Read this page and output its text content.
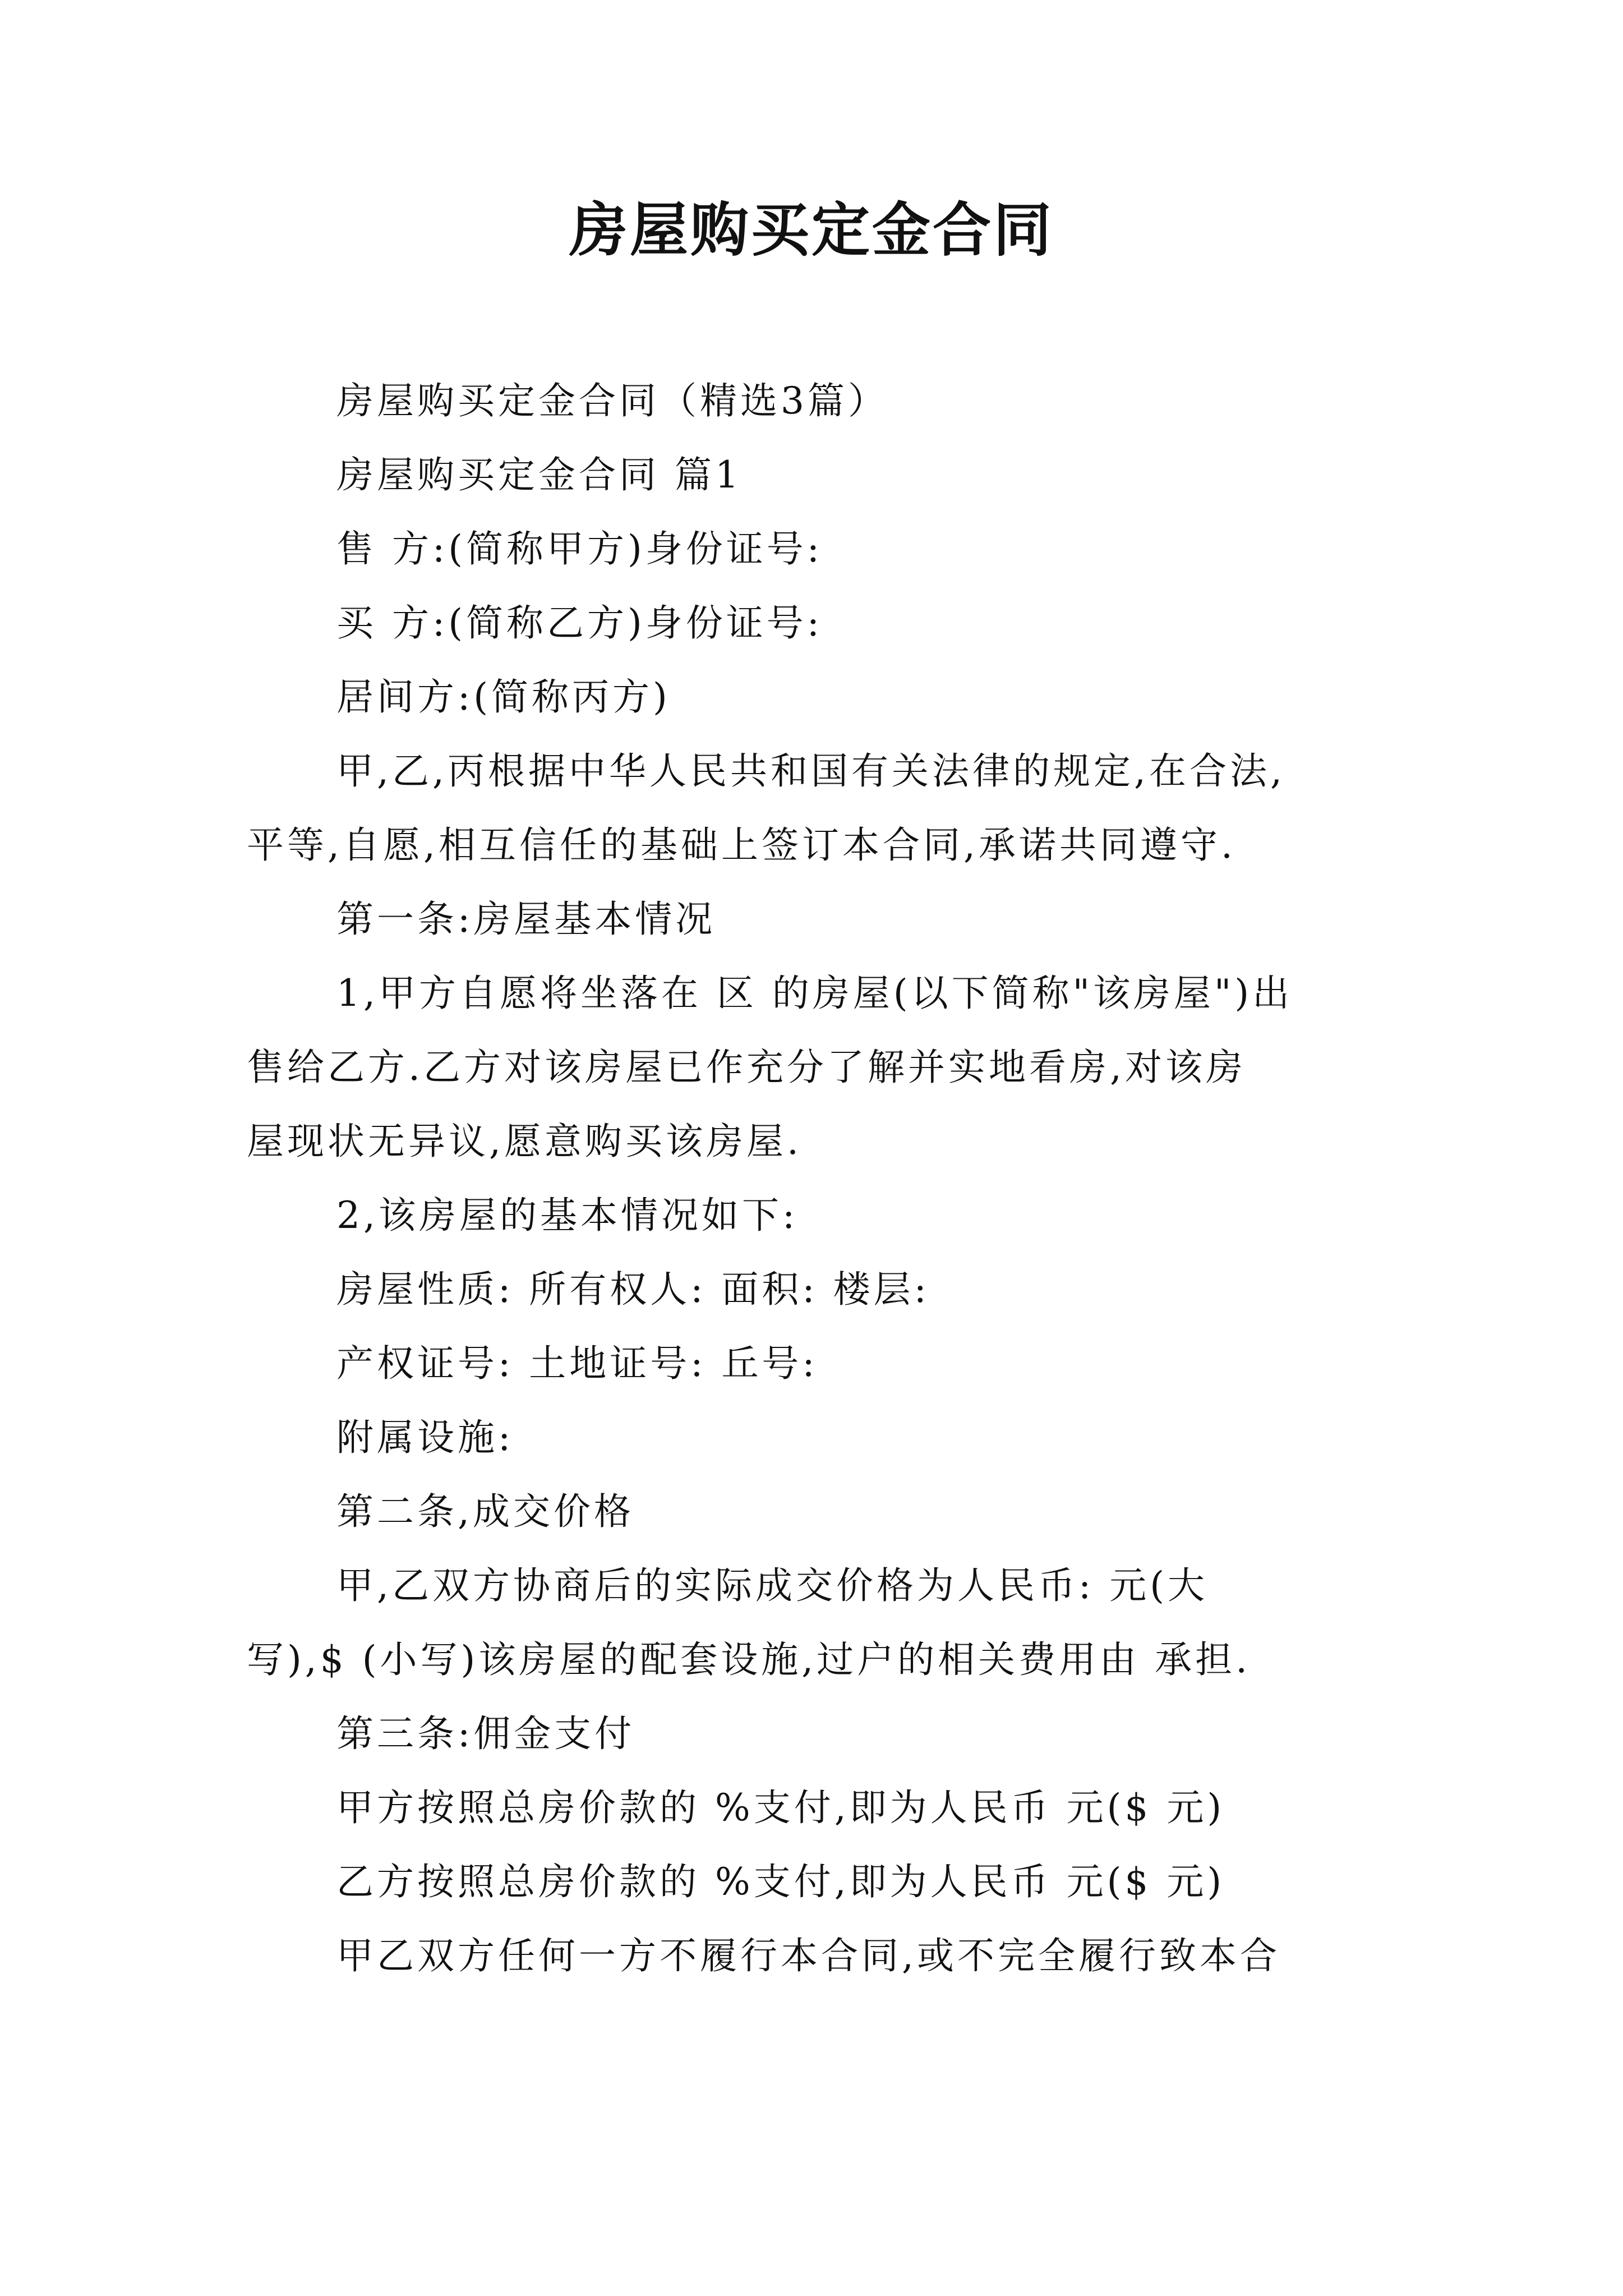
房屋购买定金合同
房屋购买定金合同（精选3篇）
房屋购买定金合同 篇1
售 方:(简称甲方)身份证号:
买 方:(简称乙方)身份证号:
居间方:(简称丙方)
甲,乙,丙根据中华人民共和国有关法律的规定,在合法,
平等,自愿,相互信任的基础上签订本合同,承诺共同遵守.
第一条:房屋基本情况
1,甲方自愿将坐落在 区 的房屋(以下简称"该房屋")出
售给乙方.乙方对该房屋已作充分了解并实地看房,对该房
屋现状无异议,愿意购买该房屋.
2,该房屋的基本情况如下:
房屋性质: 所有权人: 面积: 楼层:
产权证号: 土地证号: 丘号:
附属设施:
第二条,成交价格
甲,乙双方协商后的实际成交价格为人民币: 元(大
写),$ (小写)该房屋的配套设施,过户的相关费用由 承担.
第三条:佣金支付
甲方按照总房价款的 %支付,即为人民币 元($ 元)
乙方按照总房价款的 %支付,即为人民币 元($ 元)
甲乙双方任何一方不履行本合同,或不完全履行致本合
